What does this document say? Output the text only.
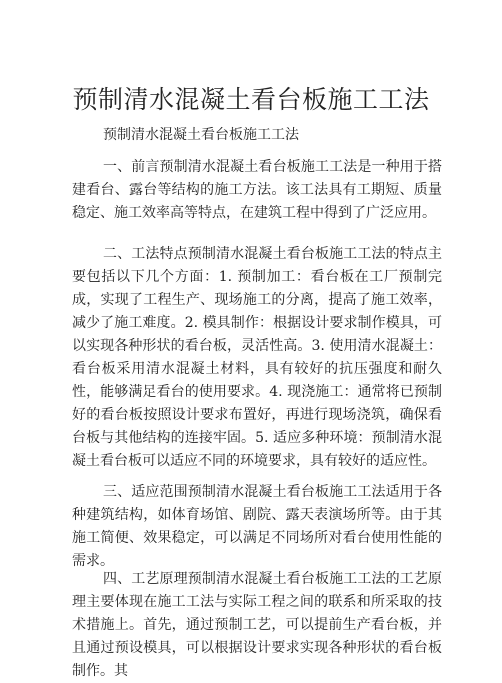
预制清水混凝土看台板施工工法
预制清水混凝土看台板施工工法

一、前言预制清水混凝土看台板施工工法是一种用于搭建看台、露台等结构的施工方法。该工法具有工期短、质量稳定、施工效率高等特点，在建筑工程中得到了广泛应用。

二、工法特点预制清水混凝土看台板施工工法的特点主要包括以下几个方面：1. 预制加工：看台板在工厂预制完成，实现了工程生产、现场施工的分离，提高了施工效率，减少了施工难度。2. 模具制作：根据设计要求制作模具，可以实现各种形状的看台板，灵活性高。3. 使用清水混凝土：看台板采用清水混凝土材料，具有较好的抗压强度和耐久性，能够满足看台的使用要求。4. 现浇施工：通常将已预制好的看台板按照设计要求布置好，再进行现场浇筑，确保看台板与其他结构的连接牢固。5. 适应多种环境：预制清水混凝土看台板可以适应不同的环境要求，具有较好的适应性。

三、适应范围预制清水混凝土看台板施工工法适用于各种建筑结构，如体育场馆、剧院、露天表演场所等。由于其施工简便、效果稳定，可以满足不同场所对看台使用性能的需求。

四、工艺原理预制清水混凝土看台板施工工法的工艺原理主要体现在施工工法与实际工程之间的联系和所采取的技术措施上。首先，通过预制工艺，可以提前生产看台板，并且通过预设模具，可以根据设计要求实现各种形状的看台板制作。其
